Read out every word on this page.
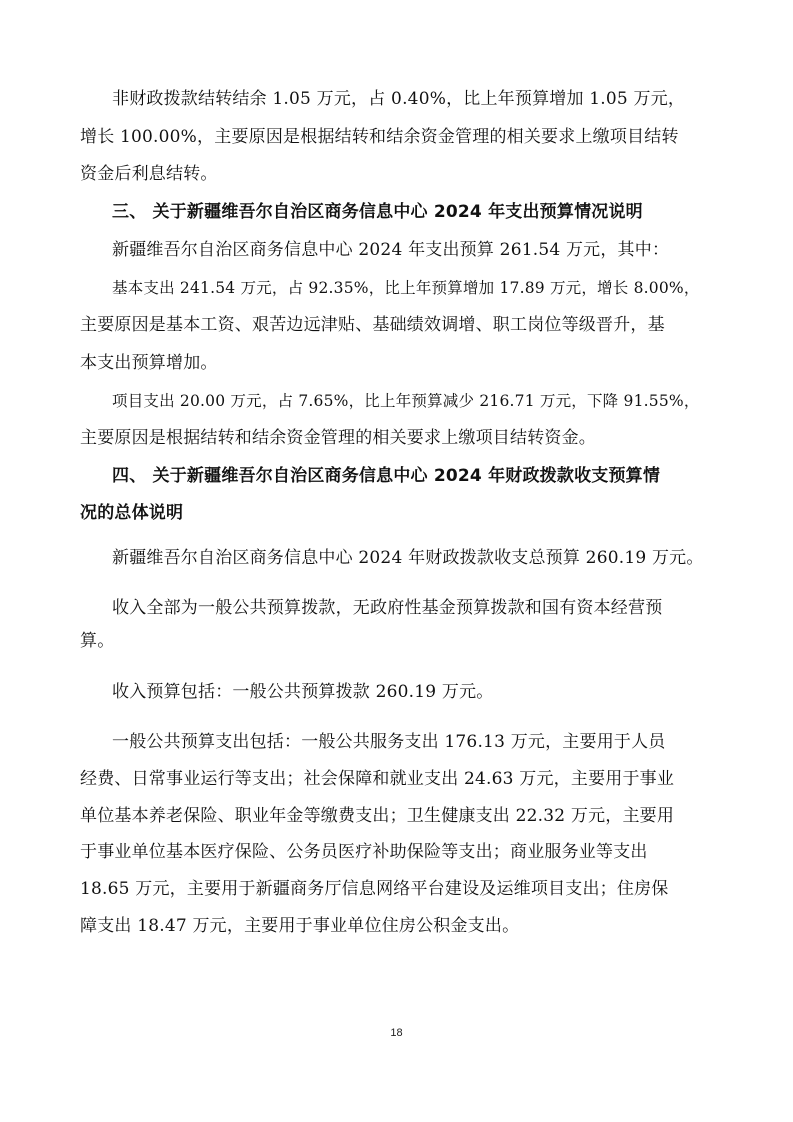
非财政拨款结转结余 1.05 万元，占 0.40%，比上年预算增加 1.05 万元，
增长 100.00%，主要原因是根据结转和结余资金管理的相关要求上缴项目结转
资金后利息结转。
三、 关于新疆维吾尔自治区商务信息中心 2024 年支出预算情况说明
新疆维吾尔自治区商务信息中心 2024 年支出预算 261.54 万元，其中：
基本支出 241.54 万元，占 92.35%，比上年预算增加 17.89 万元，增长 8.00%，
主要原因是基本工资、艰苦边远津贴、基础绩效调增、职工岗位等级晋升，基
本支出预算增加。
项目支出 20.00 万元，占 7.65%，比上年预算减少 216.71 万元，下降 91.55%，
主要原因是根据结转和结余资金管理的相关要求上缴项目结转资金。
四、 关于新疆维吾尔自治区商务信息中心 2024 年财政拨款收支预算情
况的总体说明
新疆维吾尔自治区商务信息中心 2024 年财政拨款收支总预算 260.19 万元。
收入全部为一般公共预算拨款，无政府性基金预算拨款和国有资本经营预
算。
收入预算包括：一般公共预算拨款 260.19 万元。
一般公共预算支出包括：一般公共服务支出 176.13 万元，主要用于人员
经费、日常事业运行等支出；社会保障和就业支出 24.63 万元，主要用于事业
单位基本养老保险、职业年金等缴费支出；卫生健康支出 22.32 万元，主要用
于事业单位基本医疗保险、公务员医疗补助保险等支出；商业服务业等支出
18.65 万元，主要用于新疆商务厅信息网络平台建设及运维项目支出；住房保
障支出 18.47 万元，主要用于事业单位住房公积金支出。
18
